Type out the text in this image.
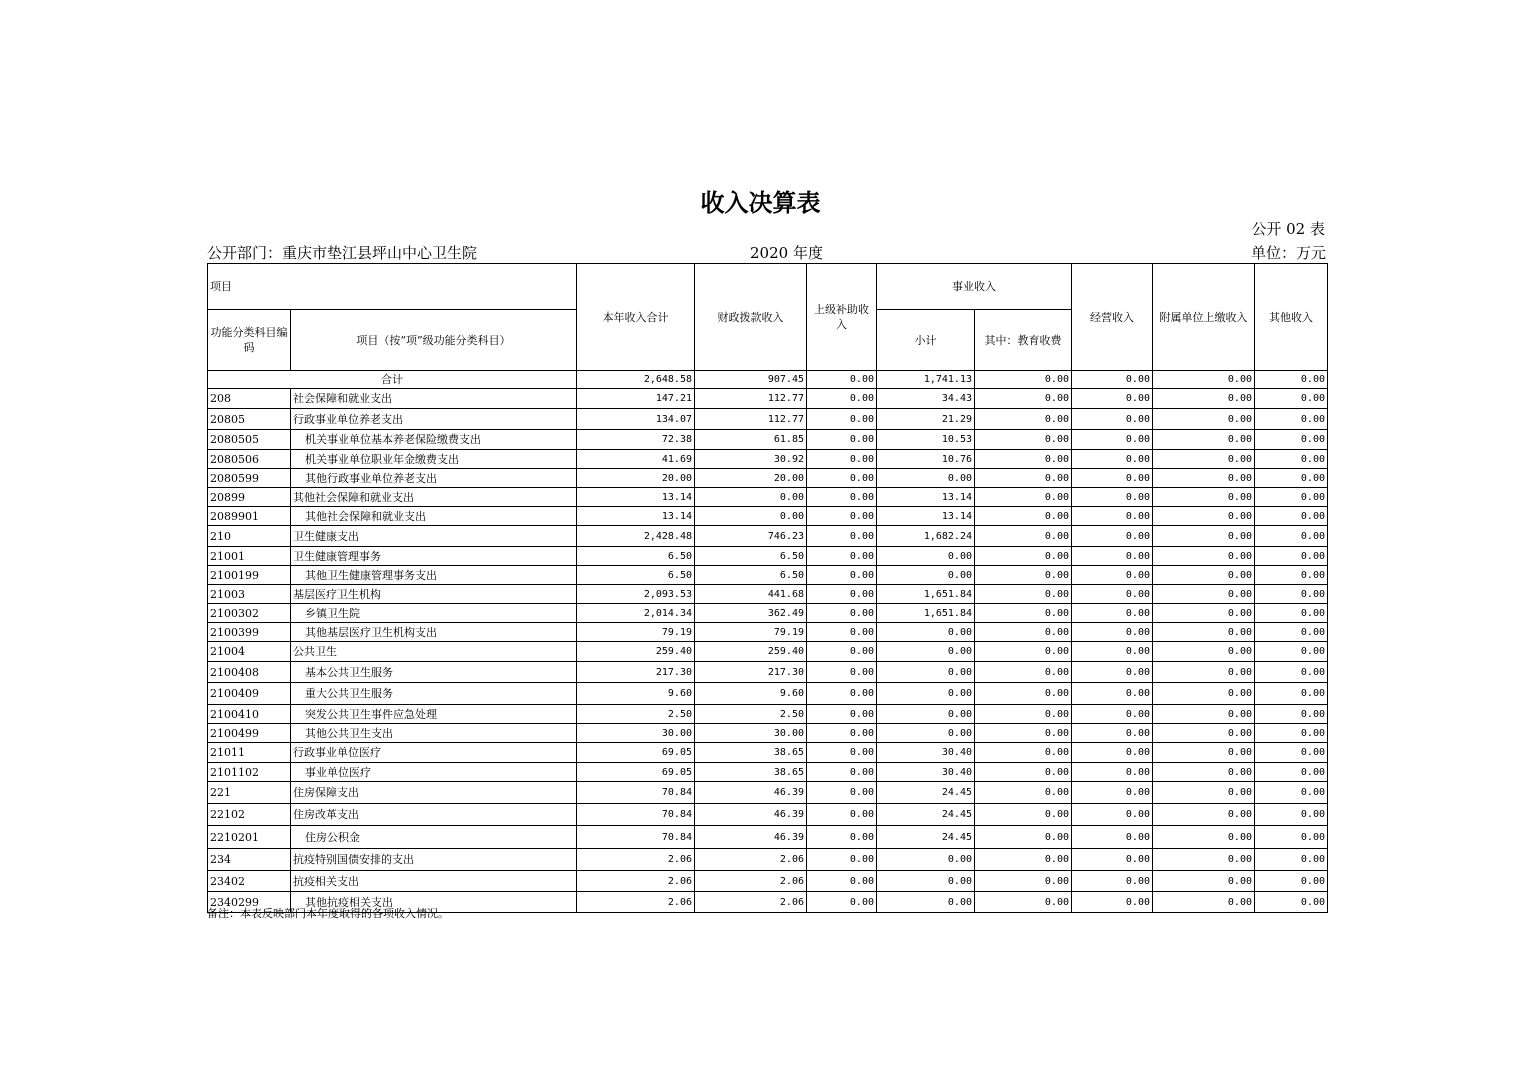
收入决算表
公开 02 表
公开部门：重庆市垫江县坪山中心卫生院	2020 年度	单位：万元
项目		本年收入合计	财政拨款收入	上级补助收入	事业收入		经营收入	附属单位上缴收入	其他收入
功能分类科目编码	项目（按“项”级功能分类科目）								
					小计	其中：教育收费			
合计		2,648.58	907.45	0.00	1,741.13	0.00	0.00	0.00	0.00
208	社会保障和就业支出	147.21	112.77	0.00	34.43	0.00	0.00	0.00	0.00
20805	行政事业单位养老支出	134.07	112.77	0.00	21.29	0.00	0.00	0.00	0.00
2080505	机关事业单位基本养老保险缴费支出	72.38	61.85	0.00	10.53	0.00	0.00	0.00	0.00
2080506	机关事业单位职业年金缴费支出	41.69	30.92	0.00	10.76	0.00	0.00	0.00	0.00
2080599	其他行政事业单位养老支出	20.00	20.00	0.00	0.00	0.00	0.00	0.00	0.00
20899	其他社会保障和就业支出	13.14	0.00	0.00	13.14	0.00	0.00	0.00	0.00
2089901	其他社会保障和就业支出	13.14	0.00	0.00	13.14	0.00	0.00	0.00	0.00
210	卫生健康支出	2,428.48	746.23	0.00	1,682.24	0.00	0.00	0.00	0.00
21001	卫生健康管理事务	6.50	6.50	0.00	0.00	0.00	0.00	0.00	0.00
2100199	其他卫生健康管理事务支出	6.50	6.50	0.00	0.00	0.00	0.00	0.00	0.00
21003	基层医疗卫生机构	2,093.53	441.68	0.00	1,651.84	0.00	0.00	0.00	0.00
2100302	乡镇卫生院	2,014.34	362.49	0.00	1,651.84	0.00	0.00	0.00	0.00
2100399	其他基层医疗卫生机构支出	79.19	79.19	0.00	0.00	0.00	0.00	0.00	0.00
21004	公共卫生	259.40	259.40	0.00	0.00	0.00	0.00	0.00	0.00
2100408	基本公共卫生服务	217.30	217.30	0.00	0.00	0.00	0.00	0.00	0.00
2100409	重大公共卫生服务	9.60	9.60	0.00	0.00	0.00	0.00	0.00	0.00
2100410	突发公共卫生事件应急处理	2.50	2.50	0.00	0.00	0.00	0.00	0.00	0.00
2100499	其他公共卫生支出	30.00	30.00	0.00	0.00	0.00	0.00	0.00	0.00
21011	行政事业单位医疗	69.05	38.65	0.00	30.40	0.00	0.00	0.00	0.00
2101102	事业单位医疗	69.05	38.65	0.00	30.40	0.00	0.00	0.00	0.00
221	住房保障支出	70.84	46.39	0.00	24.45	0.00	0.00	0.00	0.00
22102	住房改革支出	70.84	46.39	0.00	24.45	0.00	0.00	0.00	0.00
2210201	住房公积金	70.84	46.39	0.00	24.45	0.00	0.00	0.00	0.00
234	抗疫特别国债安排的支出	2.06	2.06	0.00	0.00	0.00	0.00	0.00	0.00
23402	抗疫相关支出	2.06	2.06	0.00	0.00	0.00	0.00	0.00	0.00
2340299	其他抗疫相关支出	2.06	2.06	0.00	0.00	0.00	0.00	0.00	0.00
备注：本表反映部门本年度取得的各项收入情况。
